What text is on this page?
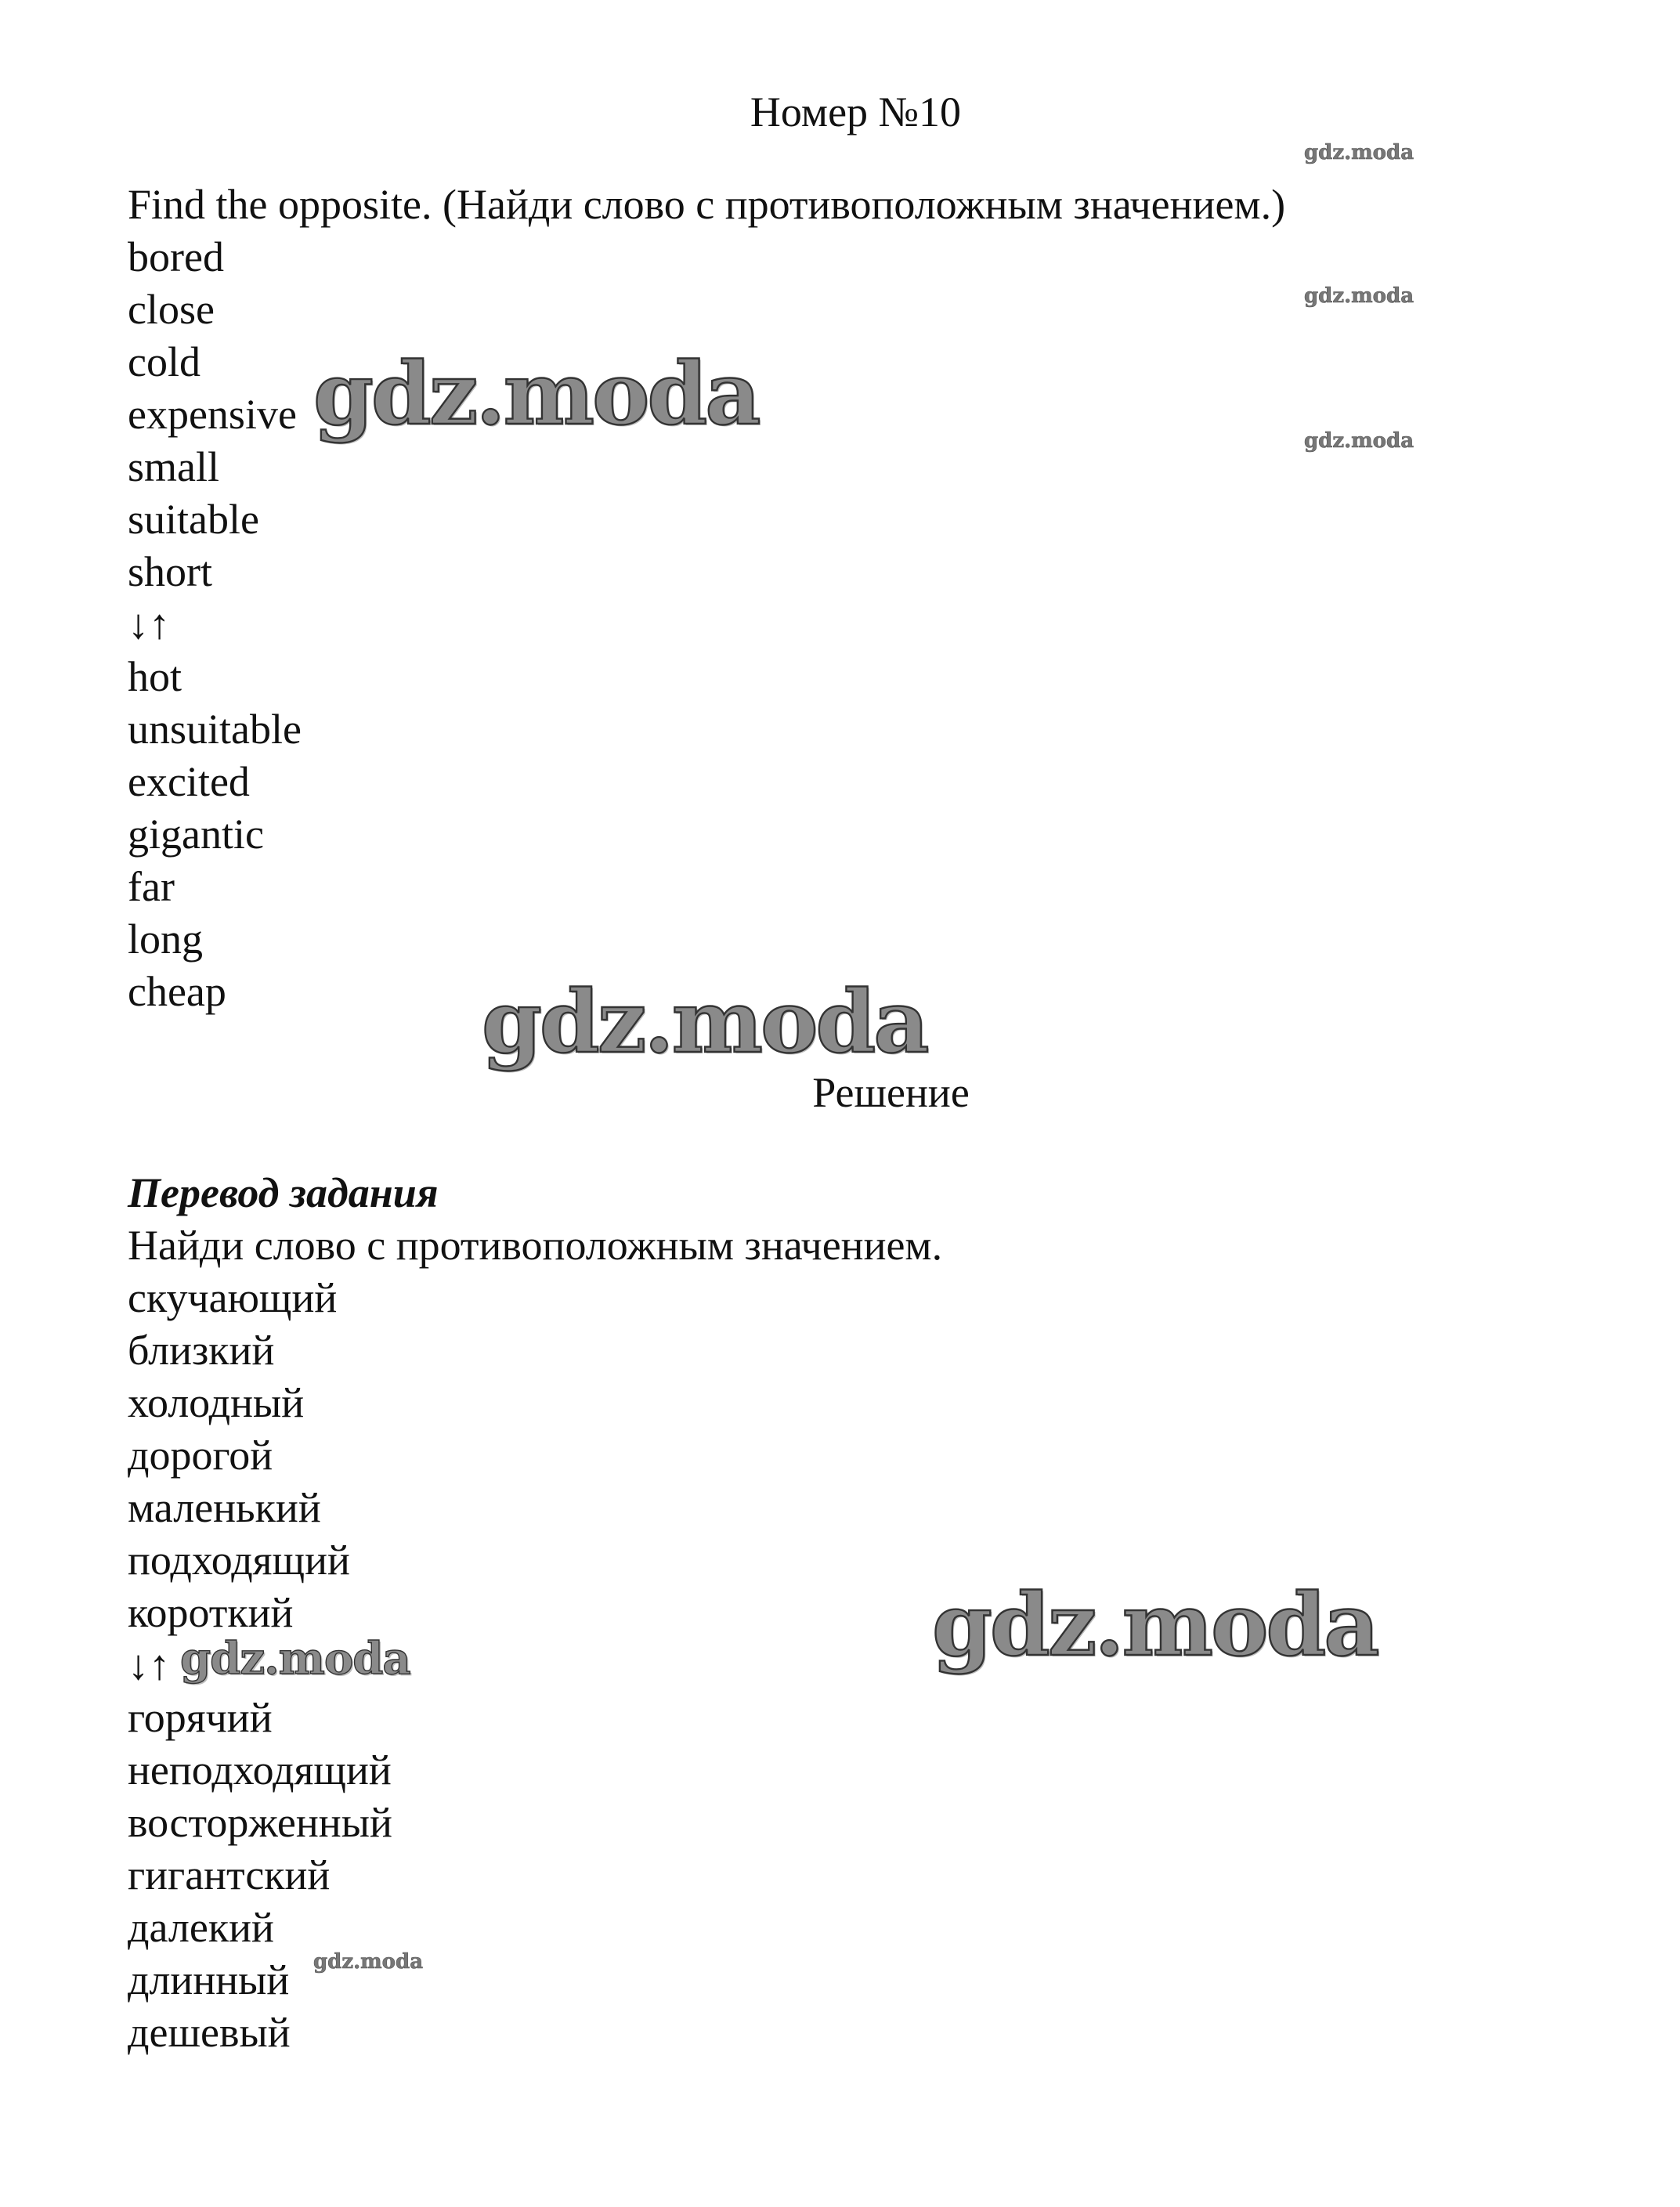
Номер №10
Find the opposite. (Найди слово с противоположным значением.)
bored
close
cold
expensive
small
suitable
short
↓↑
hot
unsuitable
excited
gigantic
far
long
cheap
Решение
Перевод задания
Найди слово с противоположным значением.
скучающий
близкий
холодный
дорогой
маленький
подходящий
короткий
↓↑
горячий
неподходящий
восторженный
гигантский
далекий
длинный
дешевый
gdz.moda
gdz.moda
gdz.moda
gdz.moda
gdz.moda
gdz.moda
gdz.moda
gdz.moda
